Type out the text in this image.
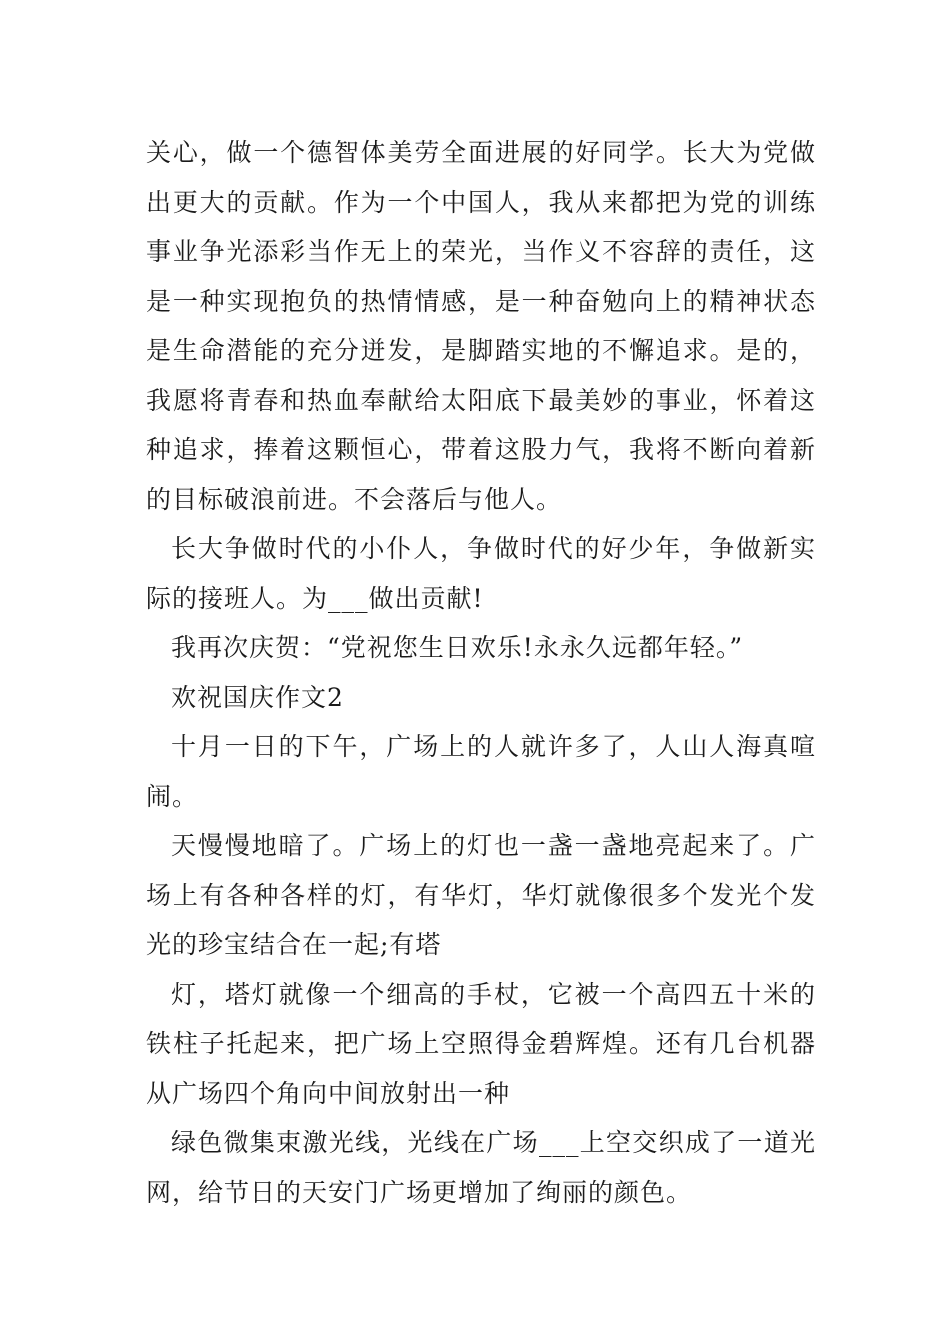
关心，做一个德智体美劳全面进展的好同学。长大为党做出更大的贡献。作为一个中国人，我从来都把为党的训练事业争光添彩当作无上的荣光，当作义不容辞的责任，这是一种实现抱负的热情情感，是一种奋勉向上的精神状态是生命潜能的充分迸发，是脚踏实地的不懈追求。是的，我愿将青春和热血奉献给太阳底下最美妙的事业，怀着这种追求，捧着这颗恒心，带着这股力气，我将不断向着新的目标破浪前进。不会落后与他人。

长大争做时代的小仆人，争做时代的好少年，争做新实际的接班人。为___做出贡献!

我再次庆贺：“党祝您生日欢乐!永永久远都年轻。”

欢祝国庆作文2

十月一日的下午，广场上的人就许多了，人山人海真喧闹。

天慢慢地暗了。广场上的灯也一盏一盏地亮起来了。广场上有各种各样的灯，有华灯，华灯就像很多个发光个发光的珍宝结合在一起;有塔

灯，塔灯就像一个细高的手杖，它被一个高四五十米的铁柱子托起来，把广场上空照得金碧辉煌。还有几台机器从广场四个角向中间放射出一种

绿色微集束激光线，光线在广场___上空交织成了一道光网，给节日的天安门广场更增加了绚丽的颜色。
